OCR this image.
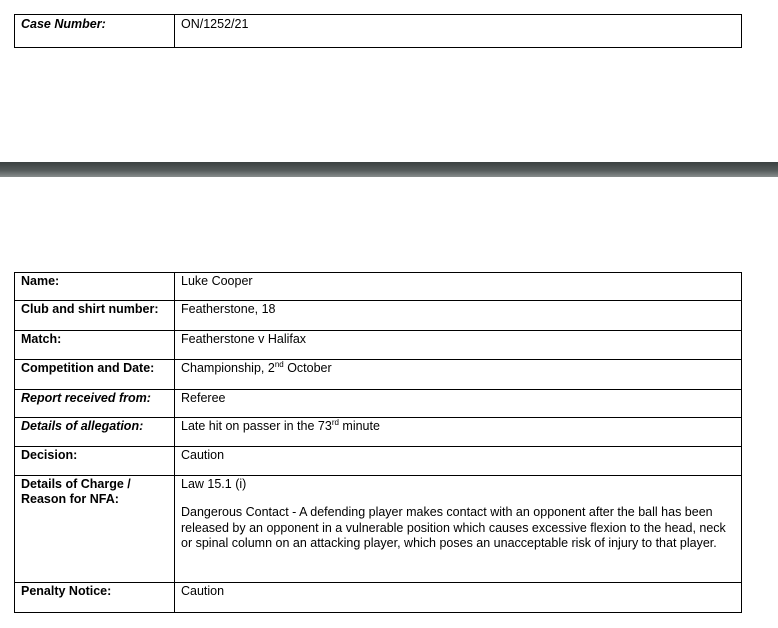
Case Number:	ON/1252/21
Name:	Luke Cooper

Club and shirt number:	Featherstone, 18
Match:	Featherstone v Halifax
Competition and Date:	Championship, 2nd October
Report received from:	Referee
Details of allegation:	Late hit on passer in the 73rd minute
Decision:	Caution
Details of Charge / Reason for NFA:	Law 15.1 (i)

Dangerous Contact - A defending player makes contact with an opponent after the ball has been released by an opponent in a vulnerable position which causes excessive flexion to the head, neck or spinal column on an attacking player, which poses an unacceptable risk of injury to that player.

Penalty Notice:	Caution
